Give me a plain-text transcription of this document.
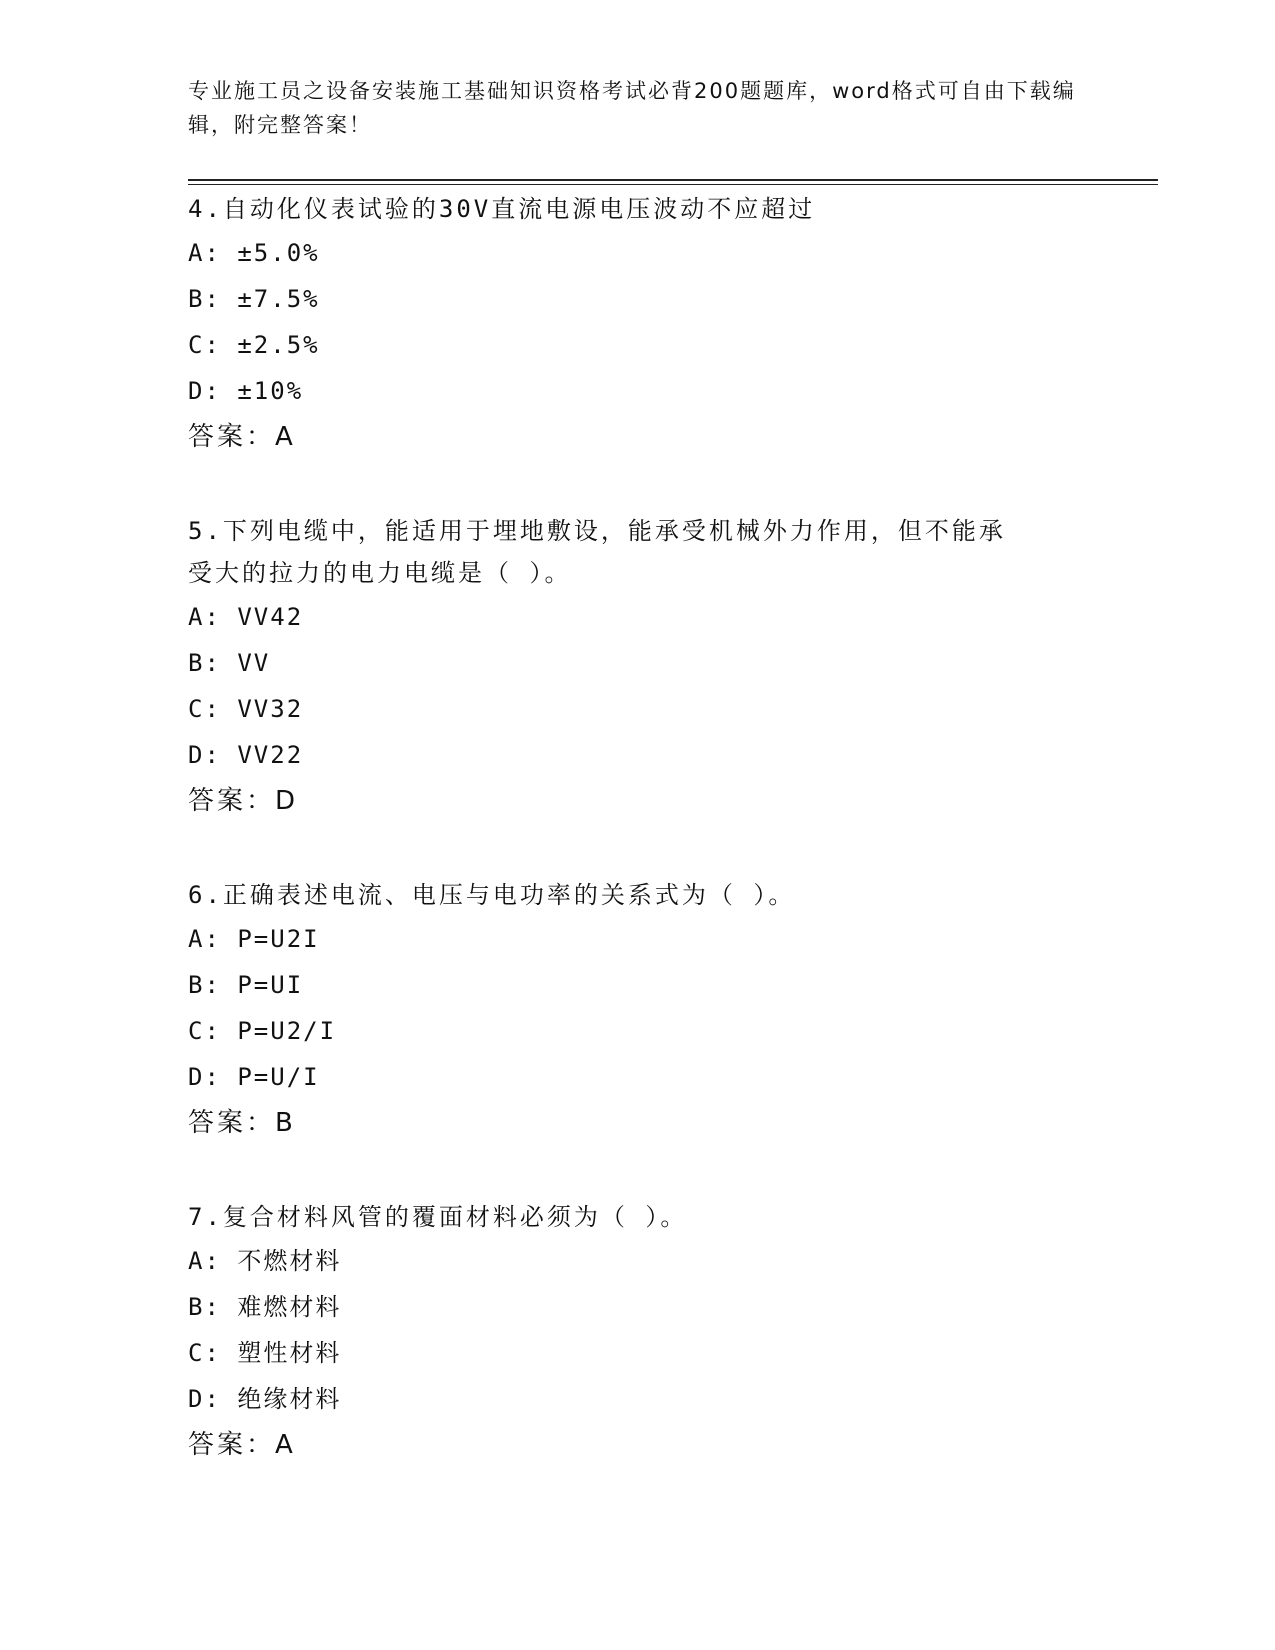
专业施工员之设备安装施工基础知识资格考试必背200题题库，word格式可自由下载编辑，附完整答案！

4.自动化仪表试验的30V直流电源电压波动不应超过

A: ±5.0%

B: ±7.5%

C: ±2.5%

D: ±10%

答案：A

5.下列电缆中，能适用于埋地敷设，能承受机械外力作用，但不能承受大的拉力的电力电缆是（ ）。

A: VV42

B: VV

C: VV32

D: VV22

答案：D

6.正确表述电流、电压与电功率的关系式为（ ）。

A: P=U2I

B: P=UI

C: P=U2/I

D: P=U/I

答案：B

7.复合材料风管的覆面材料必须为（ ）。

A: 不燃材料

B: 难燃材料

C: 塑性材料

D: 绝缘材料

答案：A
